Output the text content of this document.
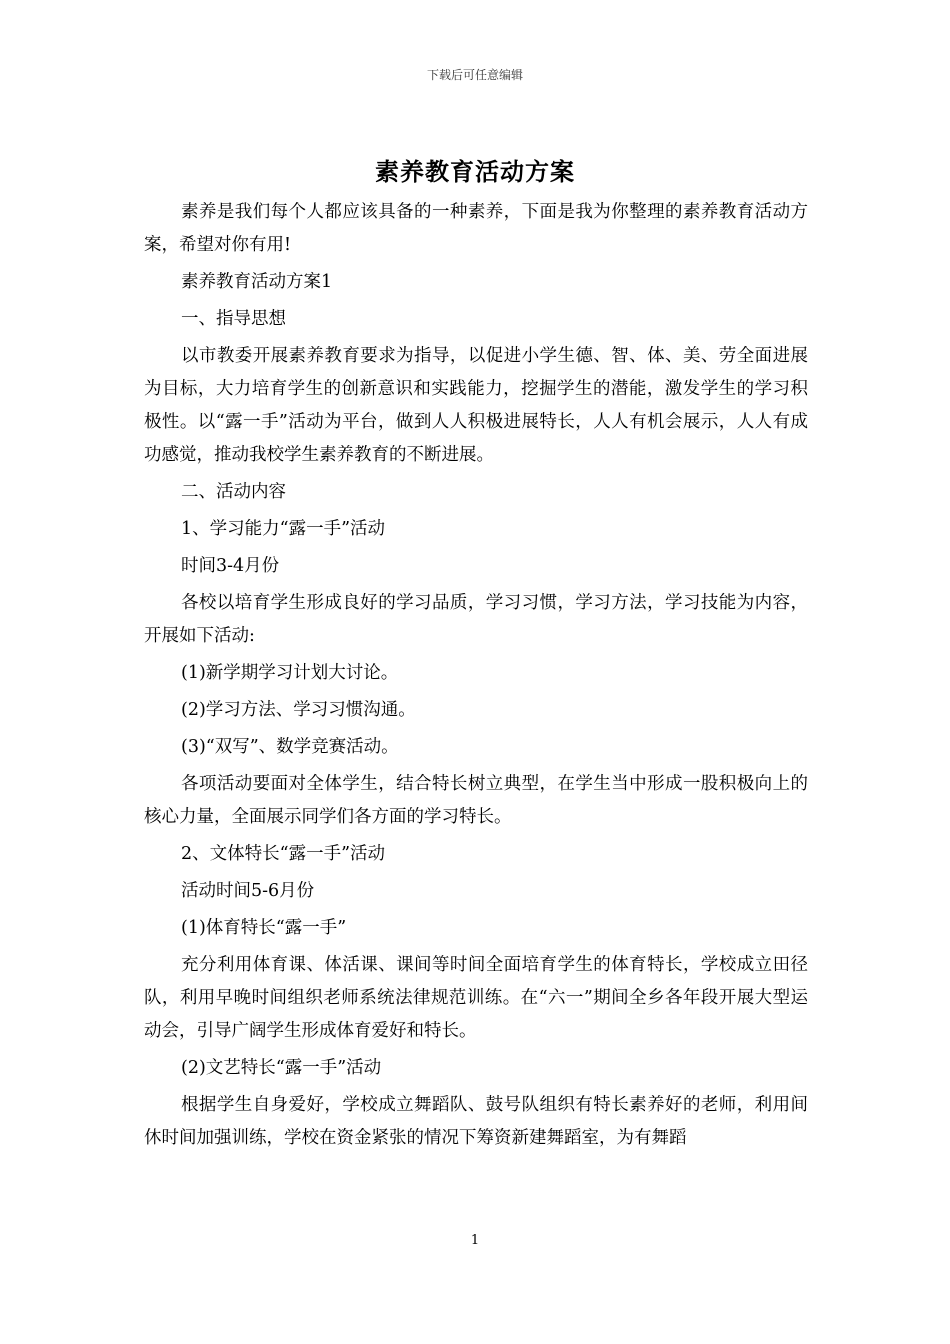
下载后可任意编辑
素养教育活动方案

素养是我们每个人都应该具备的一种素养，下面是我为你整理的素养教育活动方案，希望对你有用!

素养教育活动方案1

一、指导思想

以市教委开展素养教育要求为指导，以促进小学生德、智、体、美、劳全面进展为目标，大力培育学生的创新意识和实践能力，挖掘学生的潜能，激发学生的学习积极性。以“露一手”活动为平台，做到人人积极进展特长，人人有机会展示，人人有成功感觉，推动我校学生素养教育的不断进展。

二、活动内容

1、学习能力“露一手”活动

时间3-4月份

各校以培育学生形成良好的学习品质，学习习惯，学习方法，学习技能为内容，开展如下活动:

(1)新学期学习计划大讨论。

(2)学习方法、学习习惯沟通。

(3)“双写”、数学竞赛活动。

各项活动要面对全体学生，结合特长树立典型，在学生当中形成一股积极向上的核心力量，全面展示同学们各方面的学习特长。

2、文体特长“露一手”活动

活动时间5-6月份

(1)体育特长“露一手”

充分利用体育课、体活课、课间等时间全面培育学生的体育特长，学校成立田径队，利用早晚时间组织老师系统法律规范训练。在“六一”期间全乡各年段开展大型运动会，引导广阔学生形成体育爱好和特长。

(2)文艺特长“露一手”活动

根据学生自身爱好，学校成立舞蹈队、鼓号队组织有特长素养好的老师，利用间休时间加强训练，学校在资金紧张的情况下筹资新建舞蹈室，为有舞蹈

1
